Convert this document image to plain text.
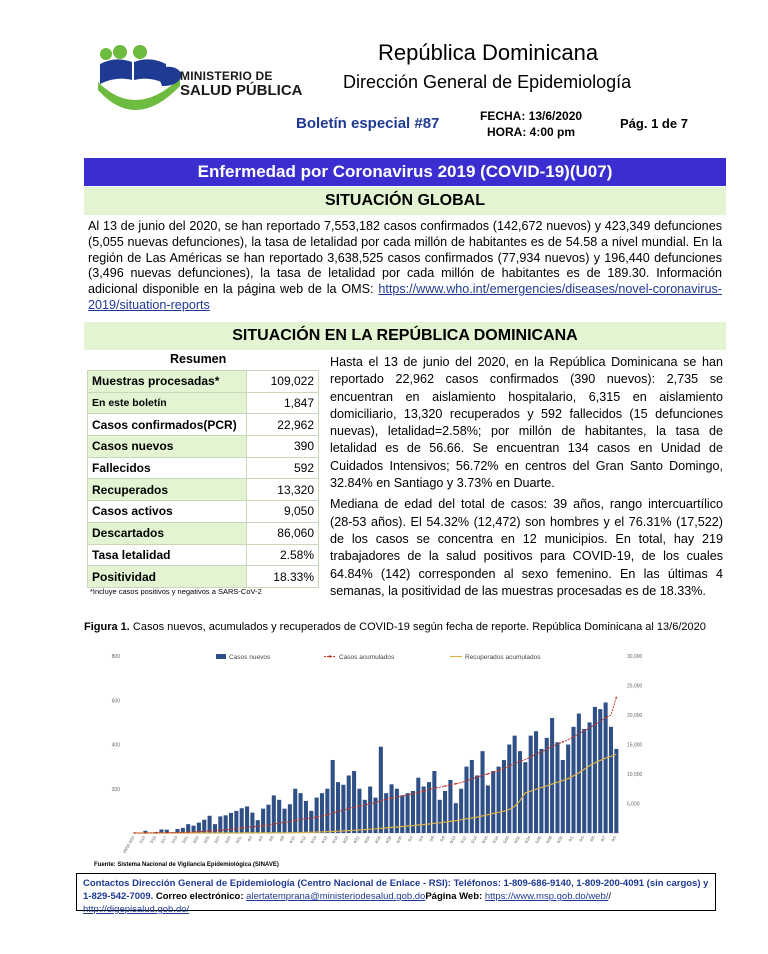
MINISTERIO DE
SALUD PÚBLICA
República Dominicana
Dirección General de Epidemiología
Boletín especial #87	FECHA: 13/6/2020
HORA: 4:00 pm
Pág. 1 de 7
Enfermedad por Coronavirus 2019 (COVID-19)(U07)
SITUACIÓN GLOBAL
Al 13 de junio del 2020, se han reportado 7,553,182 casos confirmados (142,672 nuevos) y 423,349 defunciones (5,055 nuevas defunciones), la tasa de letalidad por cada millón de habitantes es de 54.58 a nivel mundial. En la región de Las Américas se han reportado 3,638,525 casos confirmados (77,934 nuevos) y 196,440 defunciones (3,496 nuevas defunciones), la tasa de letalidad por cada millón de habitantes es de 189.30. Información adicional disponible en la página web de la OMS: https://www.who.int/emergencies/diseases/novel-coronavirus-2019/situation-reports
SITUACIÓN EN LA REPÚBLICA DOMINICANA
Resumen
Muestras procesadas*	109,022
En este boletín	1,847
Casos confirmados(PCR)	22,962
Casos nuevos	390
Fallecidos	592
Recuperados	13,320
Casos activos	9,050
Descartados	86,060
Tasa letalidad	2.58%
Positividad	18.33%
*Incluye casos positivos y negativos a SARS-CoV-2

Hasta el 13 de junio del 2020, en la República Dominicana se han reportado 22,962 casos confirmados (390 nuevos): 2,735 se encuentran en aislamiento hospitalario, 6,315 en aislamiento domiciliario, 13,320 recuperados y 592 fallecidos (15 defunciones nuevas), letalidad=2.58%; por millón de habitantes, la tasa de letalidad es de 56.66. Se encuentran 134 casos en Unidad de Cuidados Intensivos; 56.72% en centros del Gran Santo Domingo, 32.84% en Santiago y 3.73% en Duarte.

Mediana de edad del total de casos: 39 años, rango intercuartílico (28-53 años). El 54.32% (12,472) son hombres y el 76.31% (17,522) de los casos se concentra en 12 municipios. En total, hay 219 trabajadores de la salud positivos para COVID-19, de los cuales 64.84% (142) corresponden al sexo femenino. En las últimas 4 semanas, la positividad de las muestras procesadas es de 18.33%.

Figura 1. Casos nuevos, acumulados y recuperados de COVID-19 según fecha de reporte. República Dominicana al 13/6/2020
800
600
400
200
30,000
25,000
20,000
15,000
10,000
5,000
28/02-3/03 3/13 3/15 3/17 3/19 3/21 3/23 3/25 3/27 3/29 3/31 4/2 4/4 4/6 4/8 4/10 4/12 4/14 4/16 4/18 4/20 4/22 4/24 4/26 4/28 4/30 5/2 5/4 5/6 5/8 5/10 5/12 5/14 5/16 5/18 5/20 5/22 5/24 5/26 5/28 5/30 6/1 6/3 6/5 6/7 6/9
Casos nuevos	Casos acumulados	Recuperados acumulados
Fuente: Sistema Nacional de Vigilancia Epidemiológica (SINAVE)
Contactos Dirección General de Epidemiología (Centro Nacional de Enlace - RSI): Teléfonos: 1-809-686-9140, 1-809-200-4091 (sin cargos) y 1-829-542-7009. Correo electrónico: alertatemprana@ministeriodesalud.gob.doPágina Web: https://www.msp.gob.do/web// http://digepisalud.gob.do/
